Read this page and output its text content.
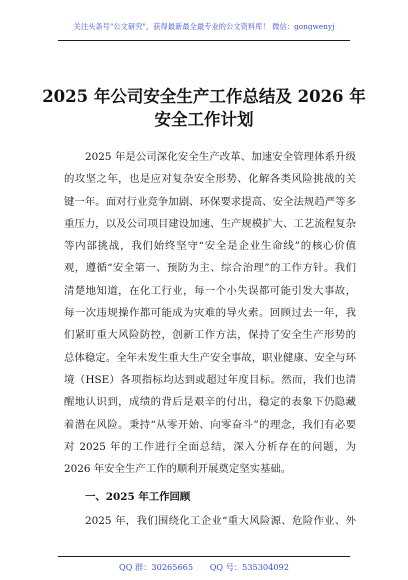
关注头条号"公文研究"，获得最新最全最专业的公文资料库！ 微信：gongwenyj
2025 年公司安全生产工作总结及 2026 年
安全工作计划
2025 年是公司深化安全生产改革、加速安全管理体系升级
的攻坚之年，也是应对复杂安全形势、化解各类风险挑战的关
键一年。面对行业竞争加剧、环保要求提高、安全法规趋严等多
重压力，以及公司项目建设加速、生产规模扩大、工艺流程复杂
等内部挑战，我们始终坚守“安全是企业生命线”的核心价值
观，遵循“安全第一、预防为主、综合治理”的工作方针。我们
清楚地知道，在化工行业，每一个小失误都可能引发大事故，
每一次违规操作都可能成为灾难的导火索。回顾过去一年，我
们紧盯重大风险防控，创新工作方法，保持了安全生产形势的
总体稳定。全年未发生重大生产安全事故，职业健康、安全与环
境（HSE）各项指标均达到或超过年度目标。然而，我们也清
醒地认识到，成绩的背后是艰辛的付出，稳定的表象下仍隐藏
着潜在风险。秉持“从零开始、向零奋斗”的理念，我们有必要
对 2025 年的工作进行全面总结，深入分析存在的问题，为
2026 年安全生产工作的顺利开展奠定坚实基础。
一、2025 年工作回顾
2025 年，我们围绕化工企业“重大风险源、危险作业、外
QQ 群：30265665 QQ 号：535304092
